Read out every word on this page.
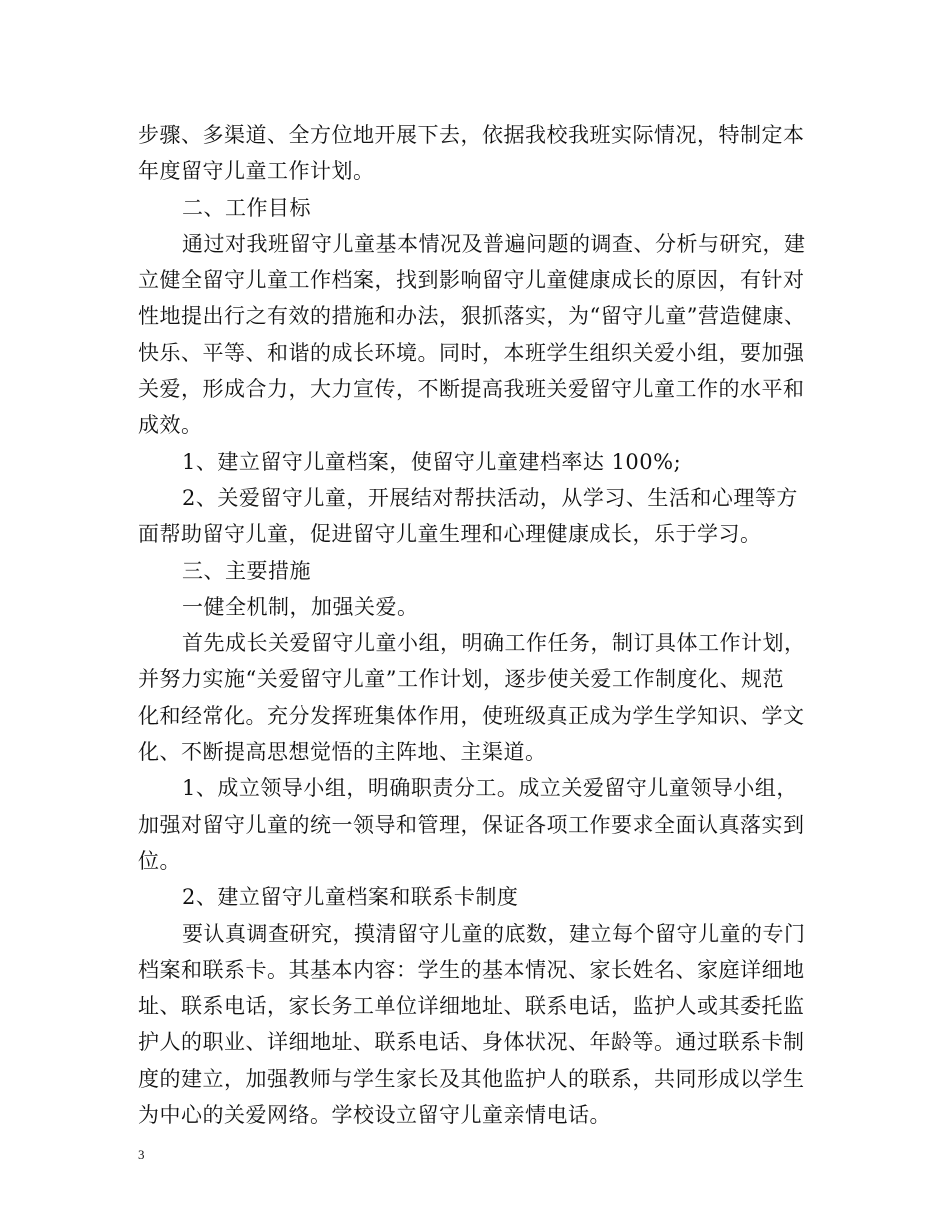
步骤、多渠道、全方位地开展下去，依据我校我班实际情况，特制定本
年度留守儿童工作计划。
二、工作目标
通过对我班留守儿童基本情况及普遍问题的调查、分析与研究，建
立健全留守儿童工作档案，找到影响留守儿童健康成长的原因，有针对
性地提出行之有效的措施和办法，狠抓落实，为“留守儿童”营造健康、
快乐、平等、和谐的成长环境。同时，本班学生组织关爱小组，要加强
关爱，形成合力，大力宣传，不断提高我班关爱留守儿童工作的水平和
成效。
1、建立留守儿童档案，使留守儿童建档率达 100%;
2、关爱留守儿童，开展结对帮扶活动，从学习、生活和心理等方
面帮助留守儿童，促进留守儿童生理和心理健康成长，乐于学习。
三、主要措施
一健全机制，加强关爱。
首先成长关爱留守儿童小组，明确工作任务，制订具体工作计划，
并努力实施“关爱留守儿童”工作计划，逐步使关爱工作制度化、规范
化和经常化。充分发挥班集体作用，使班级真正成为学生学知识、学文
化、不断提高思想觉悟的主阵地、主渠道。
1、成立领导小组，明确职责分工。成立关爱留守儿童领导小组，
加强对留守儿童的统一领导和管理，保证各项工作要求全面认真落实到
位。
2、建立留守儿童档案和联系卡制度
要认真调查研究，摸清留守儿童的底数，建立每个留守儿童的专门
档案和联系卡。其基本内容：学生的基本情况、家长姓名、家庭详细地
址、联系电话，家长务工单位详细地址、联系电话，监护人或其委托监
护人的职业、详细地址、联系电话、身体状况、年龄等。通过联系卡制
度的建立，加强教师与学生家长及其他监护人的联系，共同形成以学生
为中心的关爱网络。学校设立留守儿童亲情电话。
3
